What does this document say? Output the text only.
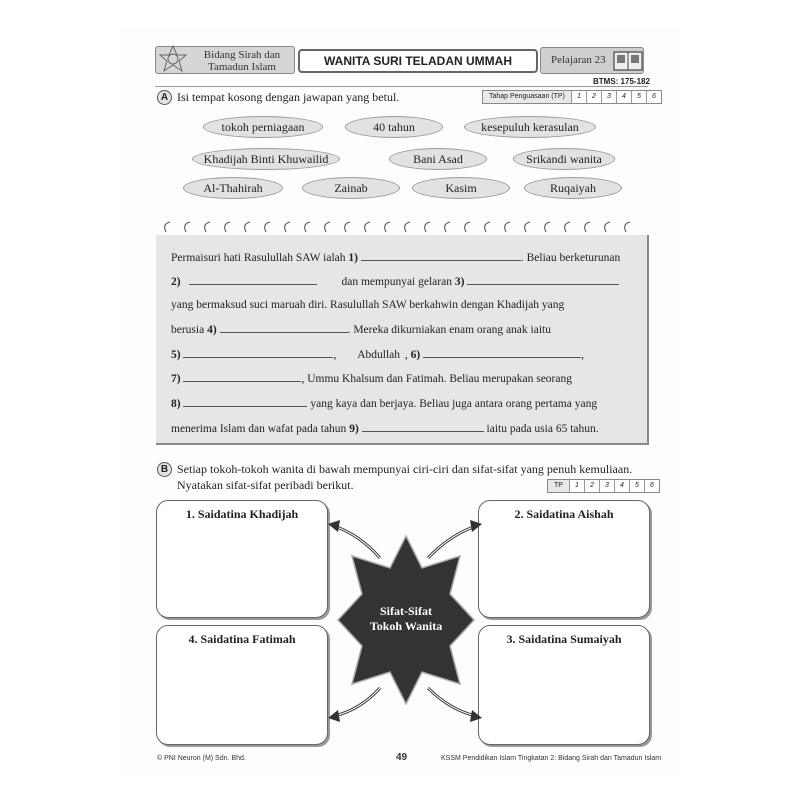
Bidang Sirah dan Tamadun Islam	WANITA SURI TELADAN UMMAH	Pelajaran 23
BTMS: 175-182
A Isi tempat kosong dengan jawapan yang betul.	Tahap Penguasaan (TP)	1	2	3	4	5	6
tokoh perniagaan	40 tahun	kesepuluh kerasulan
Khadijah Binti Khuwailid	Bani Asad	Srikandi wanita
Al-Thahirah	Zainab	Kasim	Ruqaiyah
Permaisuri hati Rasulullah SAW ialah 1)	. Beliau berketurunan
2)	dan mempunyai gelaran 3)
yang bermaksud suci maruah diri. Rasulullah SAW berkahwin dengan Khadijah yang
berusia 4)	. Mereka dikurniakan enam orang anak iaitu
5)	, Abdullah , 6)	,
7)	, Ummu Khalsum dan Fatimah. Beliau merupakan seorang
8)	yang kaya dan berjaya. Beliau juga antara orang pertama yang
menerima Islam dan wafat pada tahun 9)	iaitu pada usia 65 tahun.
B Setiap tokoh-tokoh wanita di bawah mempunyai ciri-ciri dan sifat-sifat yang penuh kemuliaan.
Nyatakan sifat-sifat peribadi berikut.	TP	1	2	3	4	5	6
1. Saidatina Khadijah	2. Saidatina Aishah
4. Saidatina Fatimah	3. Saidatina Sumaiyah
Sifat-Sifat
Tokoh Wanita
© PNI Neuron (M) Sdn. Bhd.	49	KSSM Pendidikan Islam Tingkatan 2: Bidang Sirah dan Tamadun Islam
